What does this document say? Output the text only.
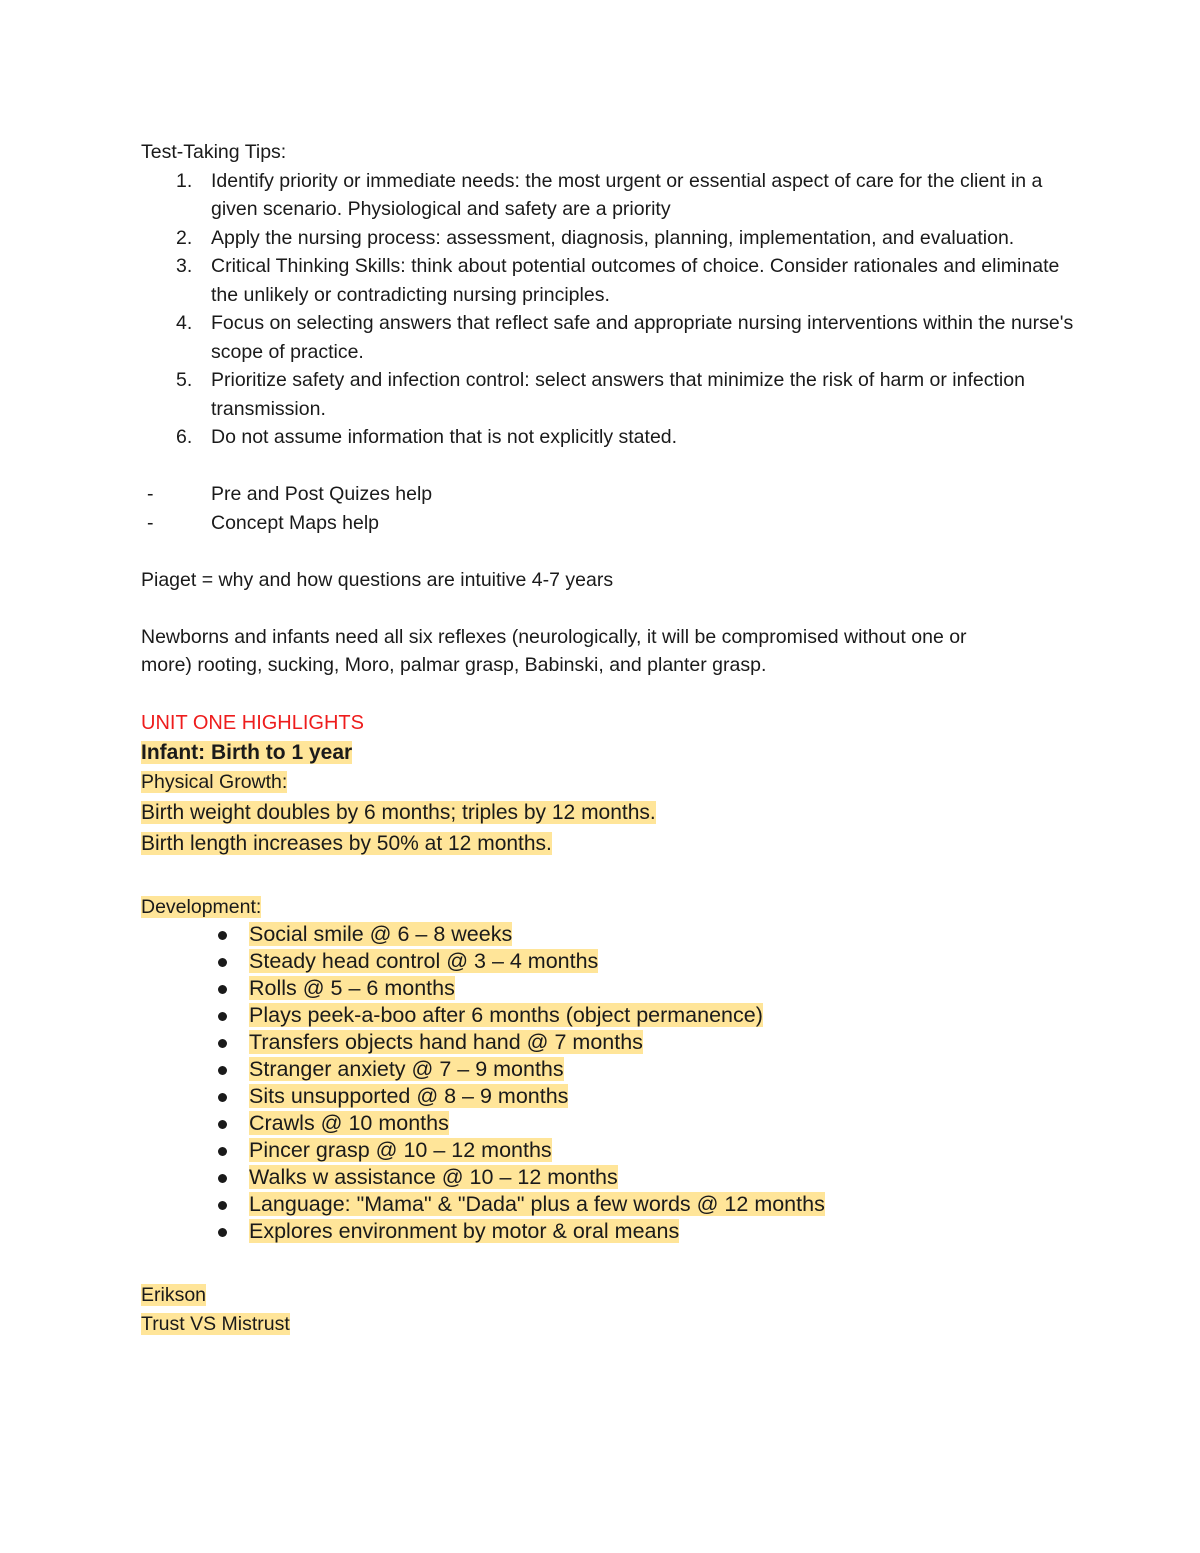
Test-Taking Tips:
1. Identify priority or immediate needs: the most urgent or essential aspect of care for the client in a given scenario. Physiological and safety are a priority
2. Apply the nursing process: assessment, diagnosis, planning, implementation, and evaluation.
3. Critical Thinking Skills: think about potential outcomes of choice. Consider rationales and eliminate the unlikely or contradicting nursing principles.
4. Focus on selecting answers that reflect safe and appropriate nursing interventions within the nurse's scope of practice.
5. Prioritize safety and infection control: select answers that minimize the risk of harm or infection transmission.
6. Do not assume information that is not explicitly stated.
-	Pre and Post Quizes help
-	Concept Maps help
Piaget = why and how questions are intuitive 4-7 years
Newborns and infants need all six reflexes (neurologically, it will be compromised without one or
more) rooting, sucking, Moro, palmar grasp, Babinski, and planter grasp.
UNIT ONE HIGHLIGHTS
Infant: Birth to 1 year
Physical Growth:
Birth weight doubles by 6 months; triples by 12 months.
Birth length increases by 50% at 12 months.
Development:
Social smile @ 6 – 8 weeks
Steady head control @ 3 – 4 months
Rolls @ 5 – 6 months
Plays peek-a-boo after 6 months (object permanence)
Transfers objects hand hand @ 7 months
Stranger anxiety @ 7 – 9 months
Sits unsupported @ 8 – 9 months
Crawls @ 10 months
Pincer grasp @ 10 – 12 months
Walks w assistance @ 10 – 12 months
Language: "Mama" & "Dada" plus a few words @ 12 months
Explores environment by motor & oral means
Erikson
Trust VS Mistrust
